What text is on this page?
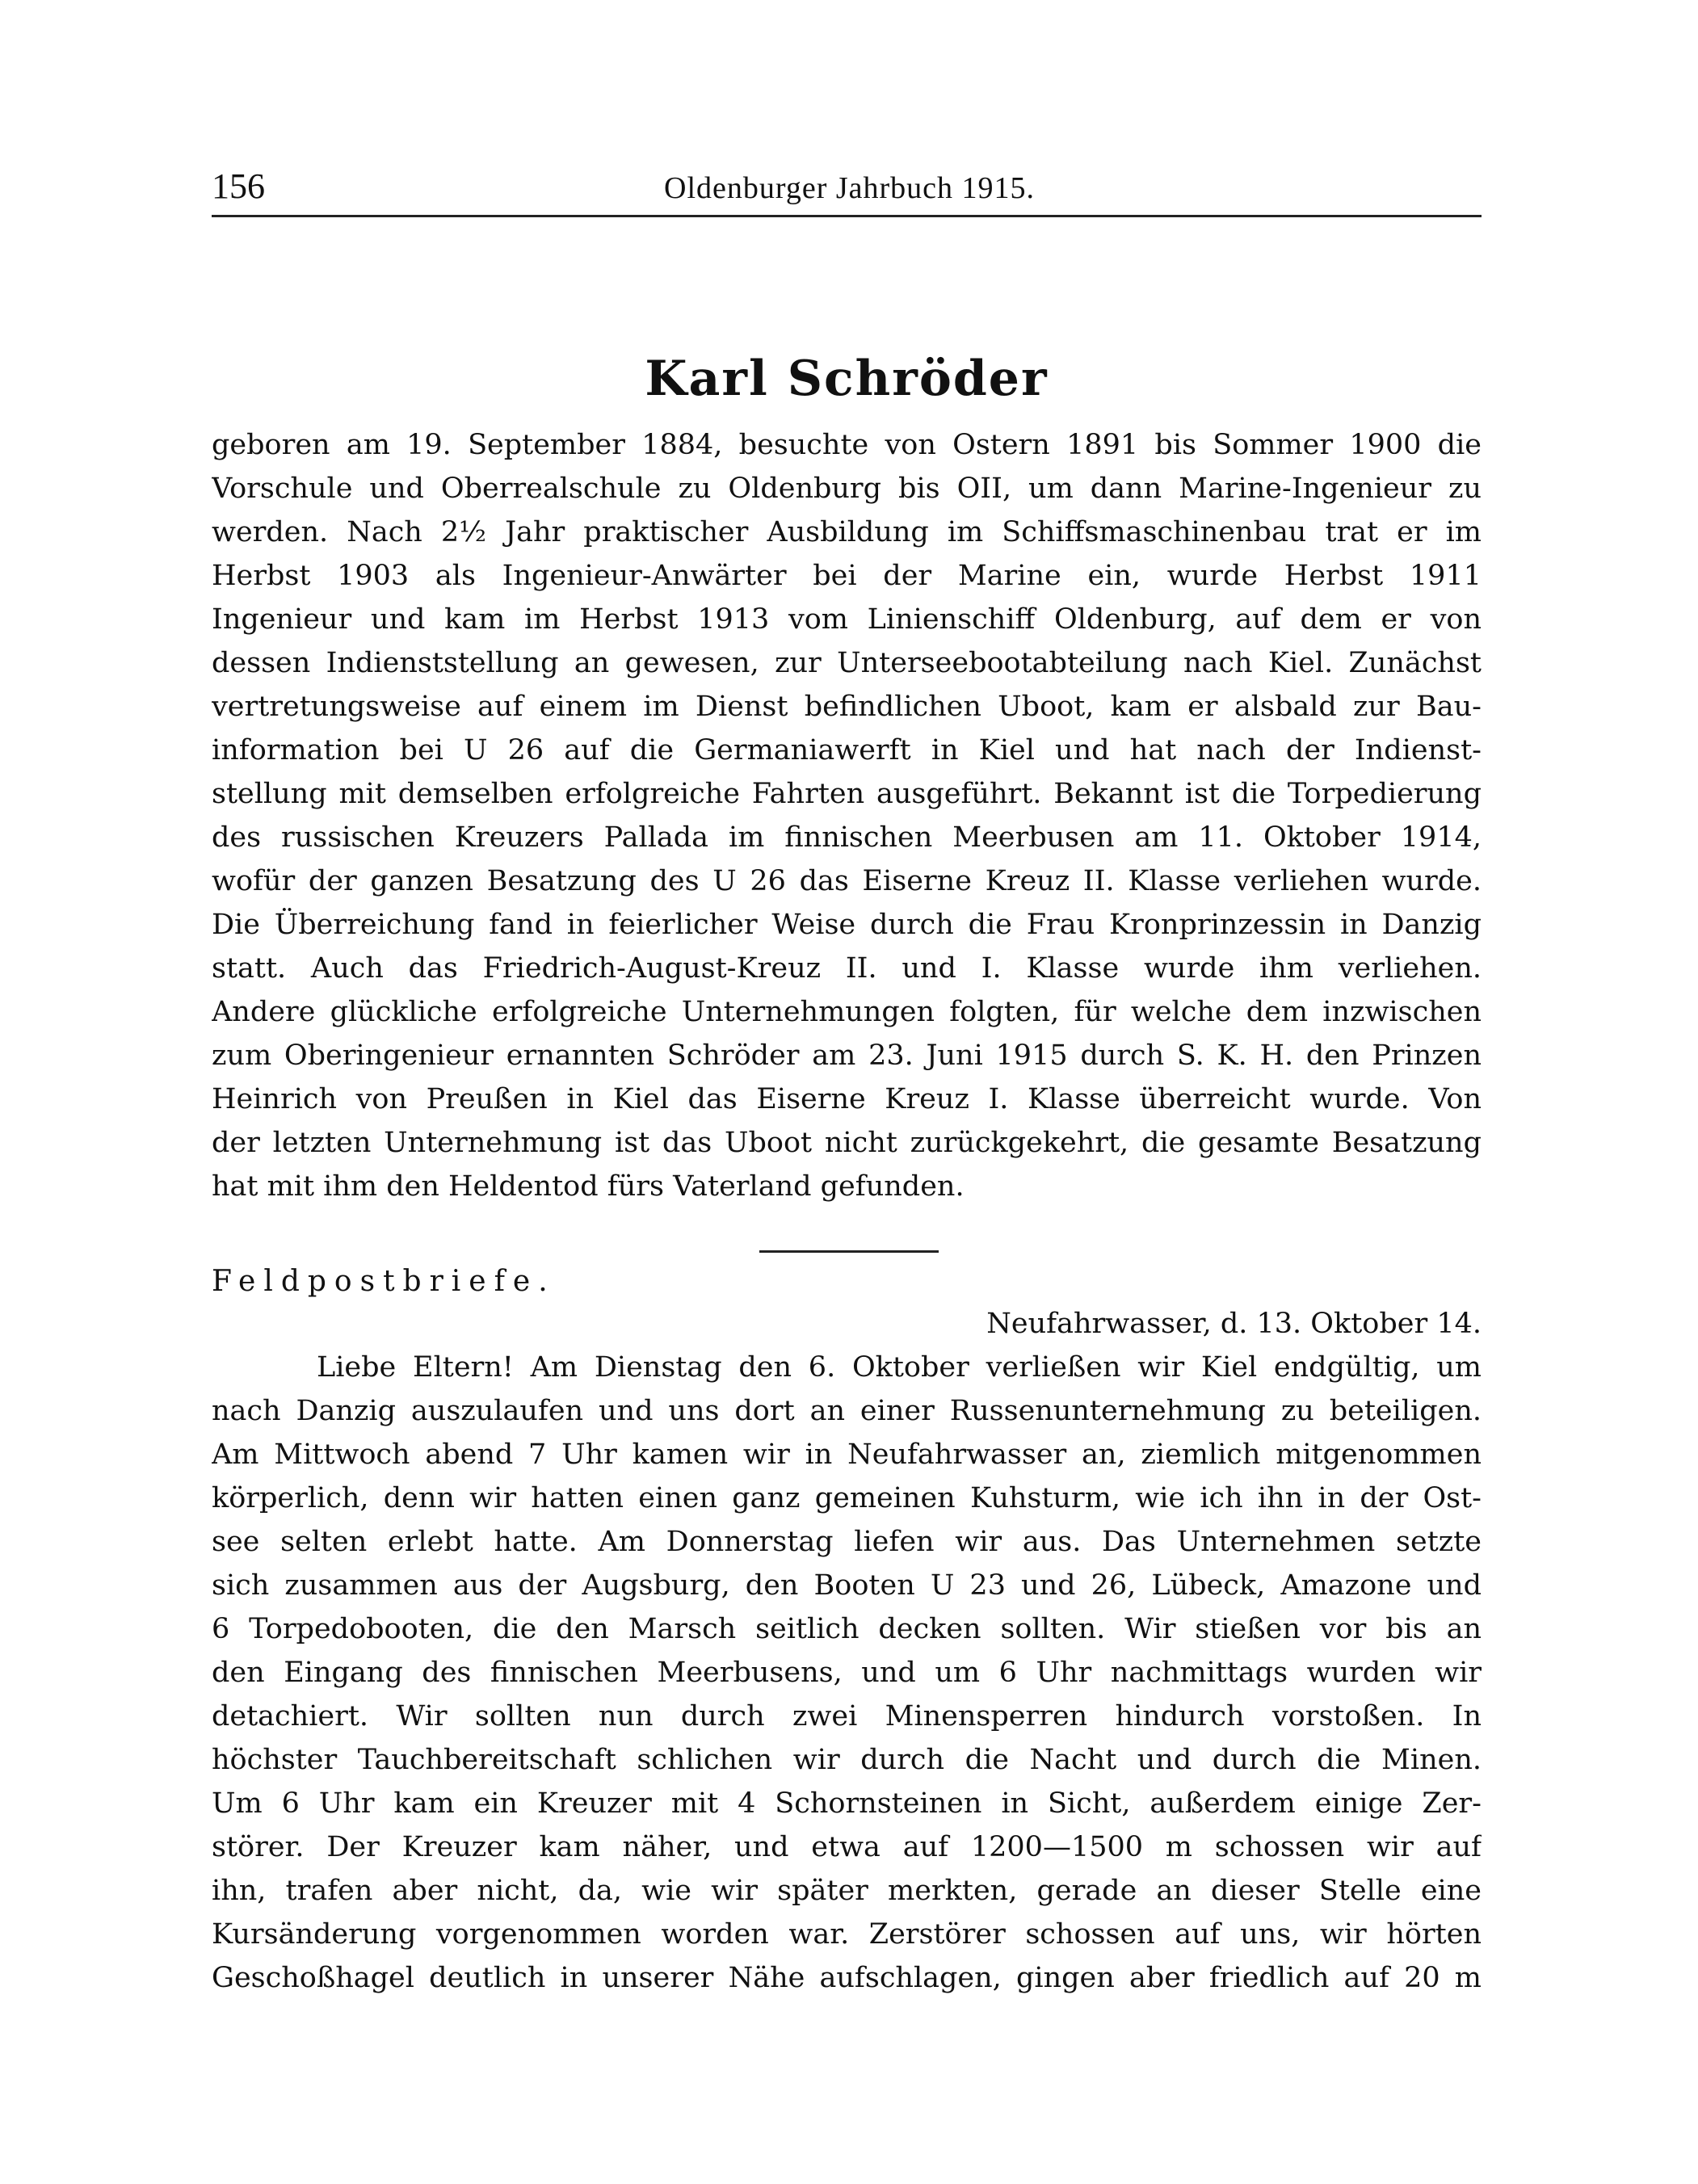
156	Oldenburger Jahrbuch 1915.
Karl Schröder
geboren am 19. September 1884, besuchte von Ostern 1891 bis Sommer 1900 die
Vorschule und Oberrealschule zu Oldenburg bis OII, um dann Marine-Ingenieur zu
werden. Nach 2½ Jahr praktischer Ausbildung im Schiffsmaschinenbau trat er im
Herbst 1903 als Ingenieur-Anwärter bei der Marine ein, wurde Herbst 1911
Ingenieur und kam im Herbst 1913 vom Linienschiff Oldenburg, auf dem er von
dessen Indienststellung an gewesen, zur Unterseebootabteilung nach Kiel. Zunächst
vertretungsweise auf einem im Dienst befindlichen Uboot, kam er alsbald zur Bau-
information bei U 26 auf die Germaniawerft in Kiel und hat nach der Indienst-
stellung mit demselben erfolgreiche Fahrten ausgeführt. Bekannt ist die Torpedierung
des russischen Kreuzers Pallada im finnischen Meerbusen am 11. Oktober 1914,
wofür der ganzen Besatzung des U 26 das Eiserne Kreuz II. Klasse verliehen wurde.
Die Überreichung fand in feierlicher Weise durch die Frau Kronprinzessin in Danzig
statt. Auch das Friedrich-August-Kreuz II. und I. Klasse wurde ihm verliehen.
Andere glückliche erfolgreiche Unternehmungen folgten, für welche dem inzwischen
zum Oberingenieur ernannten Schröder am 23. Juni 1915 durch S. K. H. den Prinzen
Heinrich von Preußen in Kiel das Eiserne Kreuz I. Klasse überreicht wurde. Von
der letzten Unternehmung ist das Uboot nicht zurückgekehrt, die gesamte Besatzung
hat mit ihm den Heldentod fürs Vaterland gefunden.
Feldpostbriefe.
Neufahrwasser, d. 13. Oktober 14.
Liebe Eltern! Am Dienstag den 6. Oktober verließen wir Kiel endgültig, um
nach Danzig auszulaufen und uns dort an einer Russenunternehmung zu beteiligen.
Am Mittwoch abend 7 Uhr kamen wir in Neufahrwasser an, ziemlich mitgenommen
körperlich, denn wir hatten einen ganz gemeinen Kuhsturm, wie ich ihn in der Ost-
see selten erlebt hatte. Am Donnerstag liefen wir aus. Das Unternehmen setzte
sich zusammen aus der Augsburg, den Booten U 23 und 26, Lübeck, Amazone und
6 Torpedobooten, die den Marsch seitlich decken sollten. Wir stießen vor bis an
den Eingang des finnischen Meerbusens, und um 6 Uhr nachmittags wurden wir
detachiert. Wir sollten nun durch zwei Minensperren hindurch vorstoßen. In
höchster Tauchbereitschaft schlichen wir durch die Nacht und durch die Minen.
Um 6 Uhr kam ein Kreuzer mit 4 Schornsteinen in Sicht, außerdem einige Zer-
störer. Der Kreuzer kam näher, und etwa auf 1200—1500 m schossen wir auf
ihn, trafen aber nicht, da, wie wir später merkten, gerade an dieser Stelle eine
Kursänderung vorgenommen worden war. Zerstörer schossen auf uns, wir hörten
Geschoßhagel deutlich in unserer Nähe aufschlagen, gingen aber friedlich auf 20 m
